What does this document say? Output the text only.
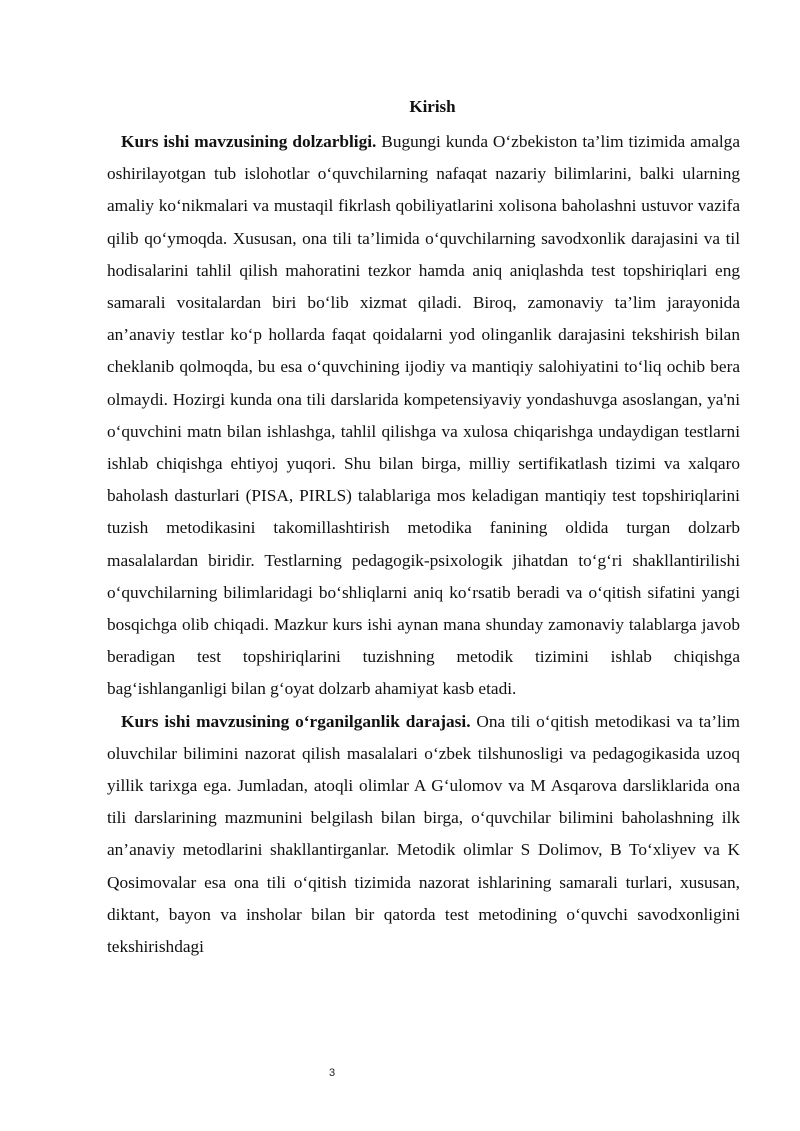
Kirish

Kurs ishi mavzusining dolzarbligi. Bugungi kunda O‘zbekiston ta’lim tizimida amalga oshirilayotgan tub islohotlar o‘quvchilarning nafaqat nazariy bilimlarini, balki ularning amaliy ko‘nikmalari va mustaqil fikrlash qobiliyatlarini xolisona baholashni ustuvor vazifa qilib qo‘ymoqda. Xususan, ona tili ta’limida o‘quvchilarning savodxonlik darajasini va til hodisalarini tahlil qilish mahoratini tezkor hamda aniq aniqlashda test topshiriqlari eng samarali vositalardan biri bo‘lib xizmat qiladi. Biroq, zamonaviy ta’lim jarayonida an’anaviy testlar ko‘p hollarda faqat qoidalarni yod olinganlik darajasini tekshirish bilan cheklanib qolmoqda, bu esa o‘quvchining ijodiy va mantiqiy salohiyatini to‘liq ochib bera olmaydi. Hozirgi kunda ona tili darslarida kompetensiyaviy yondashuvga asoslangan, ya'ni o‘quvchini matn bilan ishlashga, tahlil qilishga va xulosa chiqarishga undaydigan testlarni ishlab chiqishga ehtiyoj yuqori. Shu bilan birga, milliy sertifikatlash tizimi va xalqaro baholash dasturlari (PISA, PIRLS) talablariga mos keladigan mantiqiy test topshiriqlarini tuzish metodikasini takomillashtirish metodika fanining oldida turgan dolzarb masalalardan biridir. Testlarning pedagogik-psixologik jihatdan to‘g‘ri shakllantirilishi o‘quvchilarning bilimlaridagi bo‘shliqlarni aniq ko‘rsatib beradi va o‘qitish sifatini yangi bosqichga olib chiqadi. Mazkur kurs ishi aynan mana shunday zamonaviy talablarga javob beradigan test topshiriqlarini tuzishning metodik tizimini ishlab chiqishga bag‘ishlanganligi bilan g‘oyat dolzarb ahamiyat kasb etadi.

Kurs ishi mavzusining o‘rganilganlik darajasi. Ona tili o‘qitish metodikasi va ta’lim oluvchilar bilimini nazorat qilish masalalari o‘zbek tilshunosligi va pedagogikasida uzoq yillik tarixga ega. Jumladan, atoqli olimlar A G‘ulomov va M Asqarova darsliklarida ona tili darslarining mazmunini belgilash bilan birga, o‘quvchilar bilimini baholashning ilk an’anaviy metodlarini shakllantirganlar. Metodik olimlar S Dolimov, B To‘xliyev va K Qosimovalar esa ona tili o‘qitish tizimida nazorat ishlarining samarali turlari, xususan, diktant, bayon va insholar bilan bir qatorda test metodining o‘quvchi savodxonligini tekshirishdagi

3
